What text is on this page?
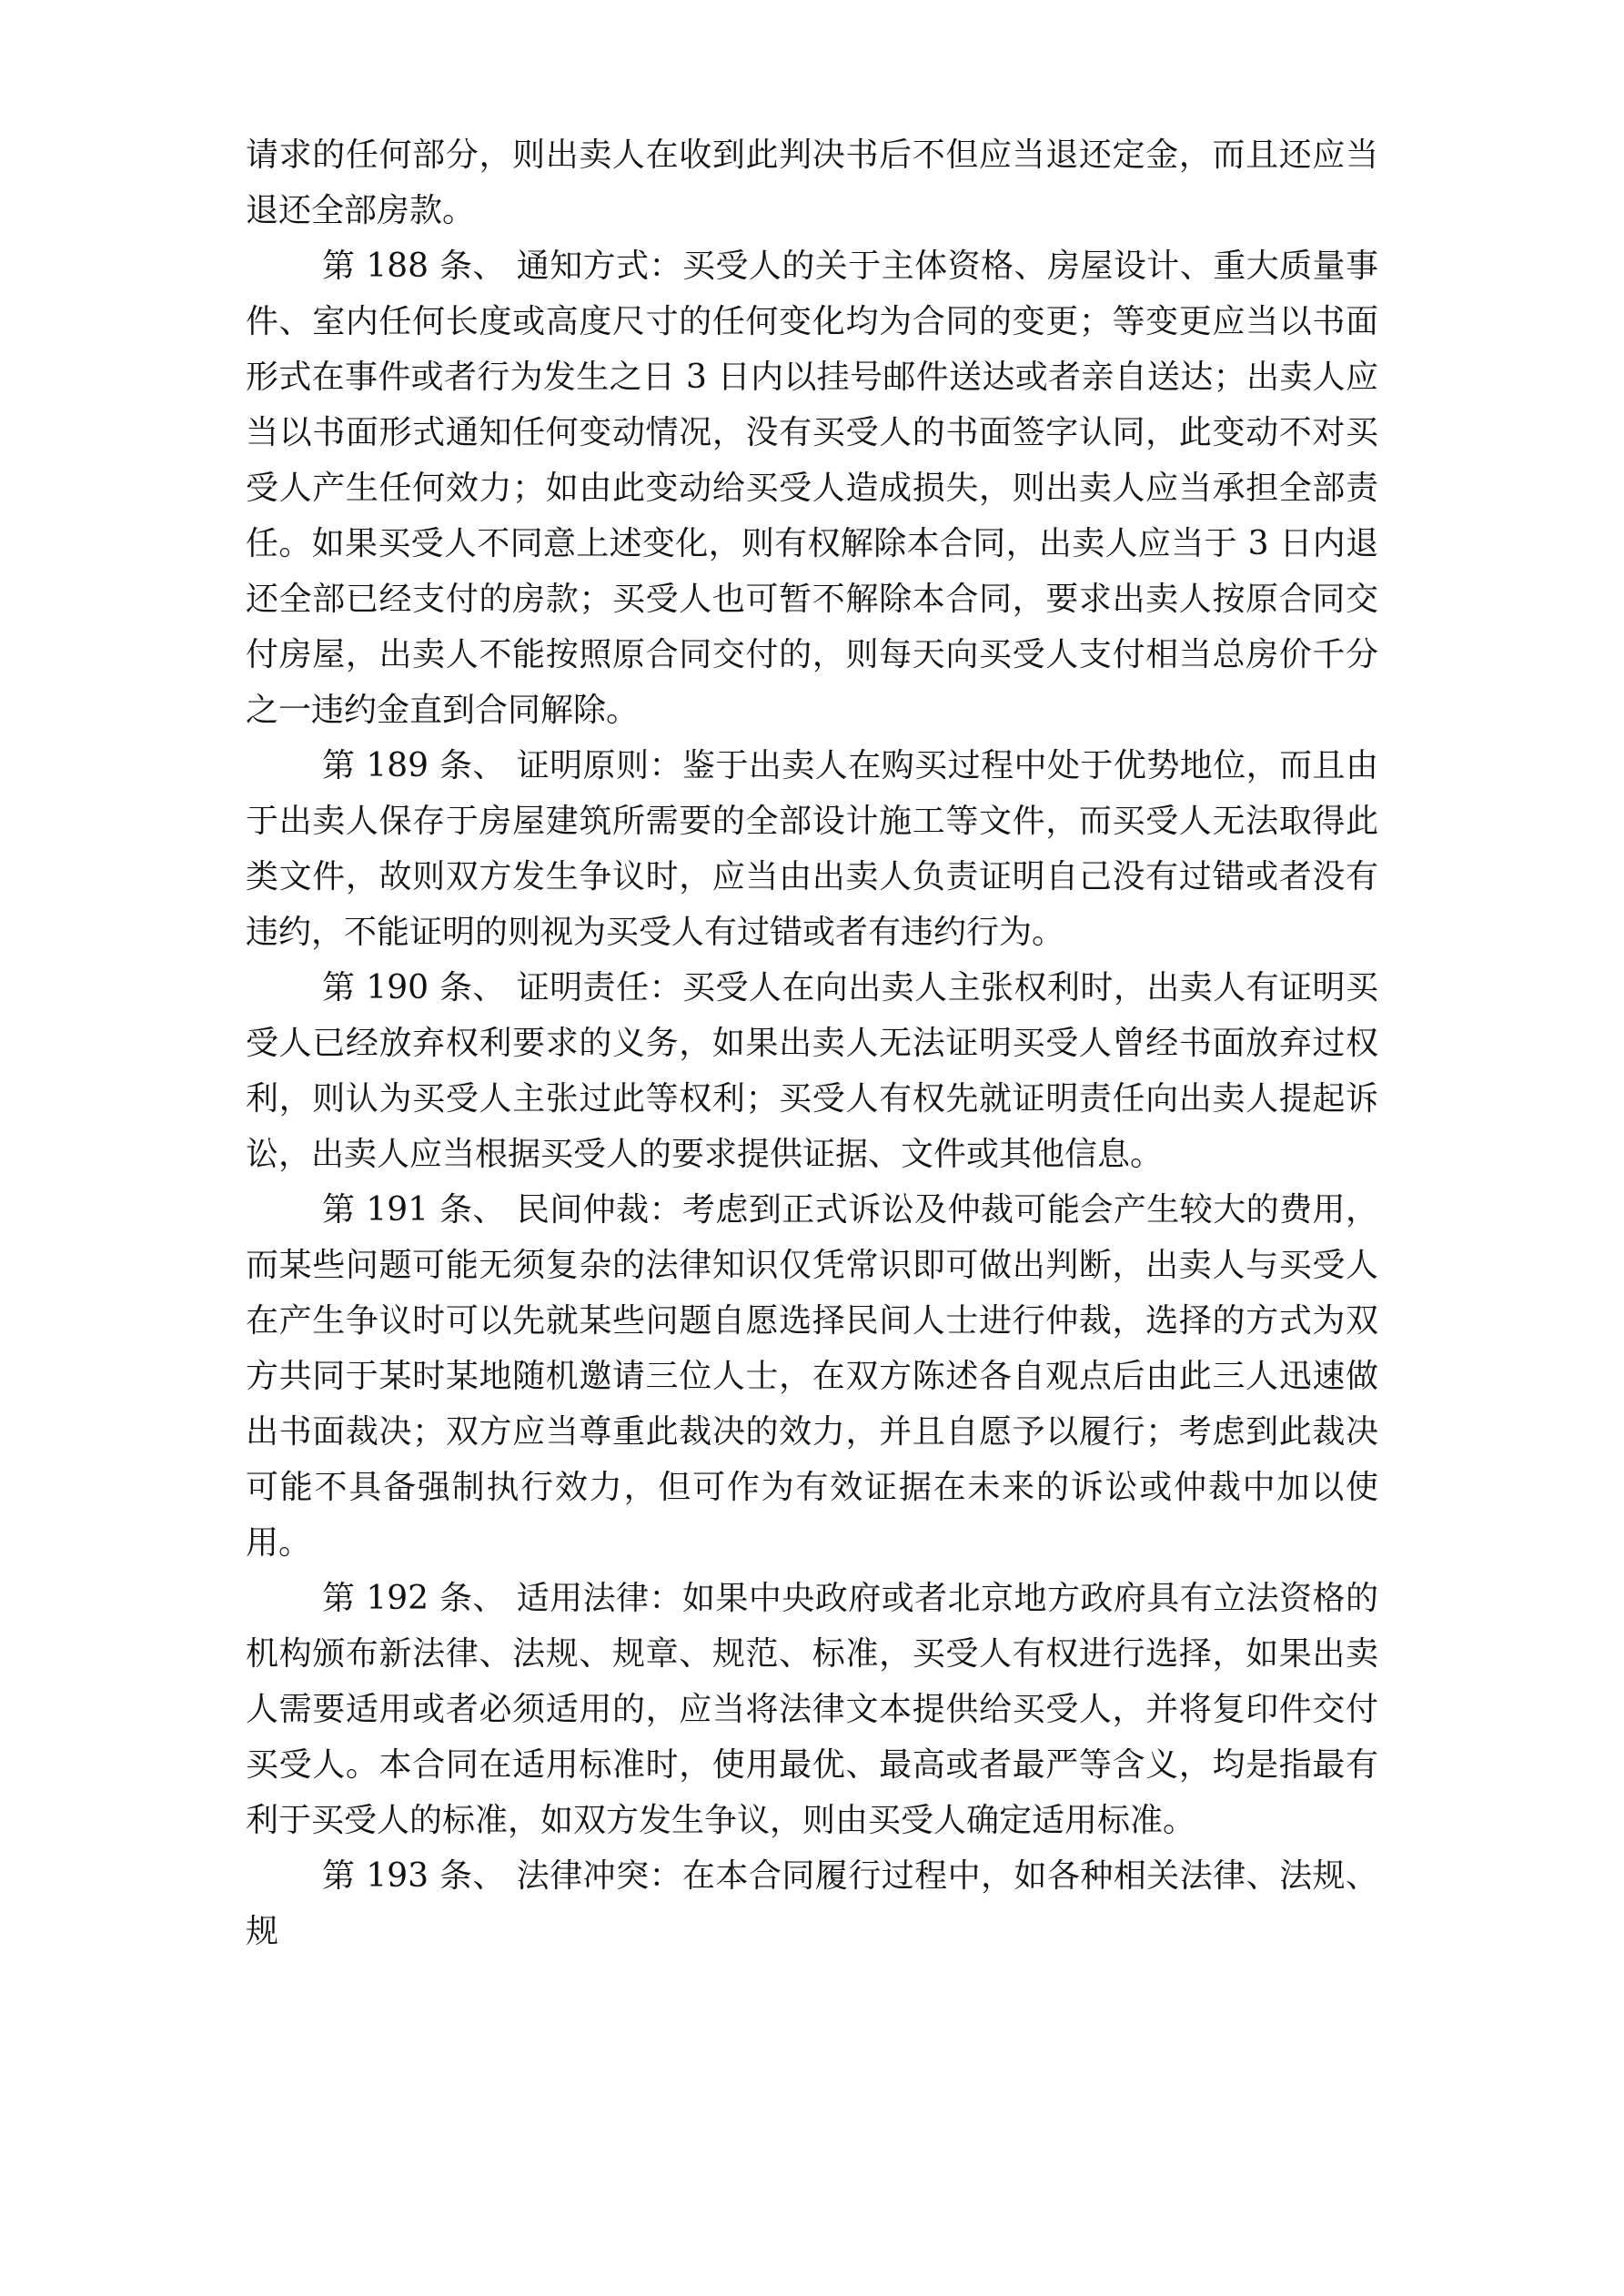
请求的任何部分，则出卖人在收到此判决书后不但应当退还定金，而且还应当退还全部房款。

第 188 条、 通知方式：买受人的关于主体资格、房屋设计、重大质量事件、室内任何长度或高度尺寸的任何变化均为合同的变更；等变更应当以书面形式在事件或者行为发生之日 3 日内以挂号邮件送达或者亲自送达；出卖人应当以书面形式通知任何变动情况，没有买受人的书面签字认同，此变动不对买受人产生任何效力；如由此变动给买受人造成损失，则出卖人应当承担全部责任。如果买受人不同意上述变化，则有权解除本合同，出卖人应当于 3 日内退还全部已经支付的房款；买受人也可暂不解除本合同，要求出卖人按原合同交付房屋，出卖人不能按照原合同交付的，则每天向买受人支付相当总房价千分之一违约金直到合同解除。

第 189 条、 证明原则：鉴于出卖人在购买过程中处于优势地位，而且由于出卖人保存于房屋建筑所需要的全部设计施工等文件，而买受人无法取得此类文件，故则双方发生争议时，应当由出卖人负责证明自己没有过错或者没有违约，不能证明的则视为买受人有过错或者有违约行为。

第 190 条、 证明责任：买受人在向出卖人主张权利时，出卖人有证明买受人已经放弃权利要求的义务，如果出卖人无法证明买受人曾经书面放弃过权利，则认为买受人主张过此等权利；买受人有权先就证明责任向出卖人提起诉讼，出卖人应当根据买受人的要求提供证据、文件或其他信息。

第 191 条、 民间仲裁：考虑到正式诉讼及仲裁可能会产生较大的费用，而某些问题可能无须复杂的法律知识仅凭常识即可做出判断，出卖人与买受人在产生争议时可以先就某些问题自愿选择民间人士进行仲裁，选择的方式为双方共同于某时某地随机邀请三位人士，在双方陈述各自观点后由此三人迅速做出书面裁决；双方应当尊重此裁决的效力，并且自愿予以履行；考虑到此裁决可能不具备强制执行效力，但可作为有效证据在未来的诉讼或仲裁中加以使用。

第 192 条、 适用法律：如果中央政府或者北京地方政府具有立法资格的机构颁布新法律、法规、规章、规范、标准，买受人有权进行选择，如果出卖人需要适用或者必须适用的，应当将法律文本提供给买受人，并将复印件交付买受人。本合同在适用标准时，使用最优、最高或者最严等含义，均是指最有利于买受人的标准，如双方发生争议，则由买受人确定适用标准。

第 193 条、 法律冲突：在本合同履行过程中，如各种相关法律、法规、规
